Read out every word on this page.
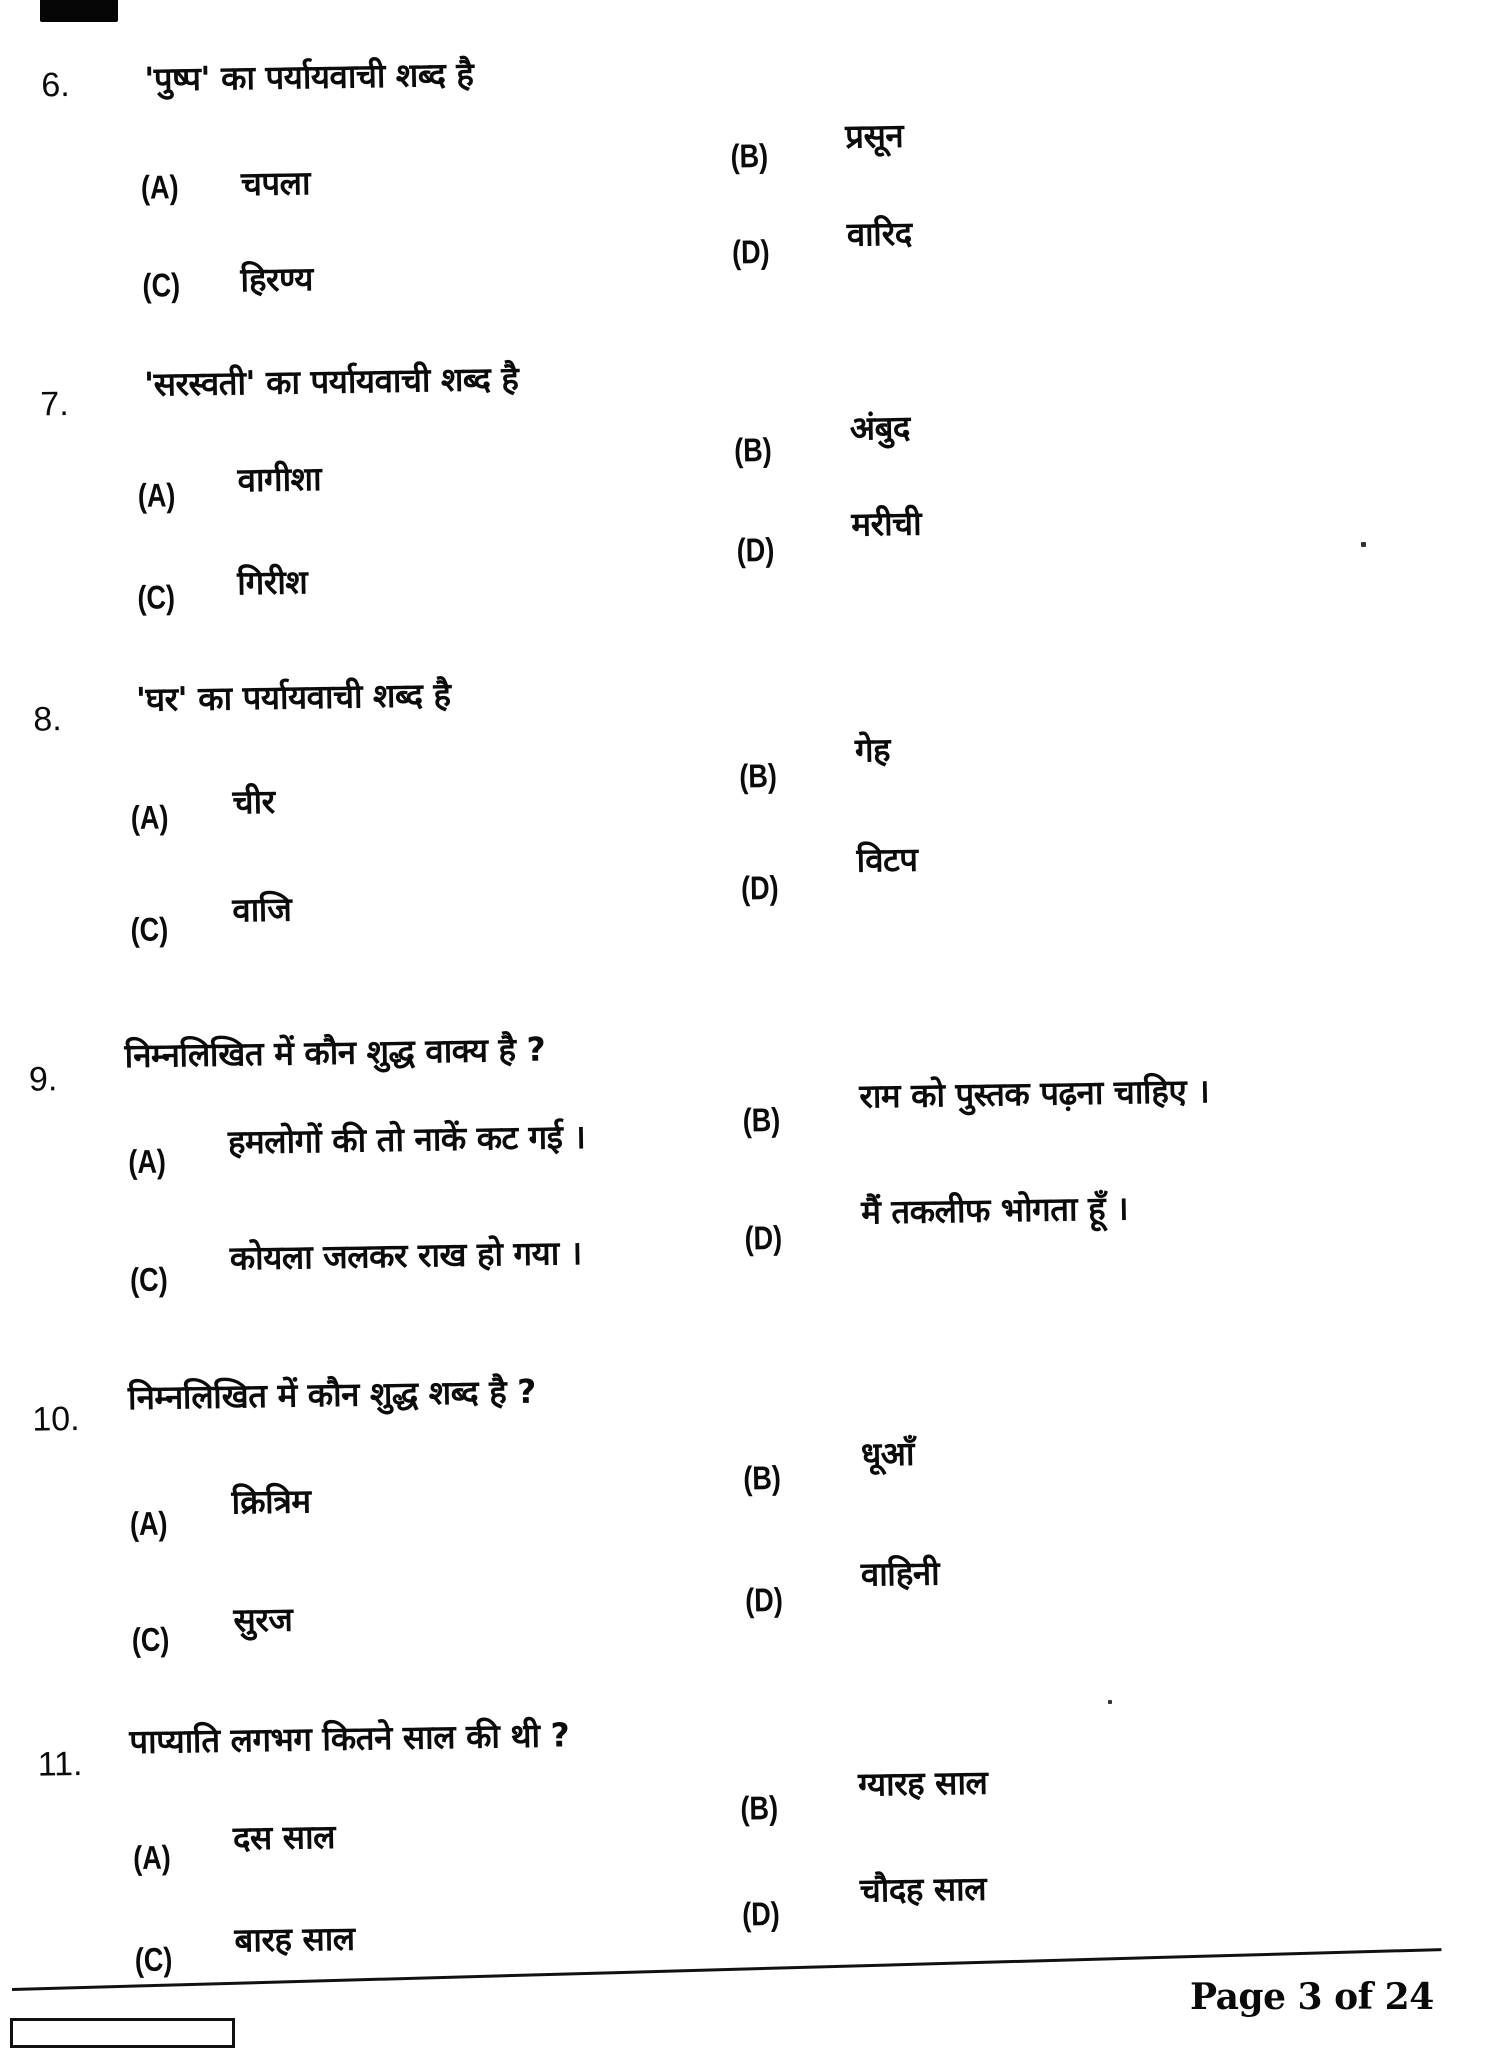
6. 'पुष्प' का पर्यायवाची शब्द है
(A) चपला
(B)
प्रसून
(C) हिरण्य
(D) वारिद
7.
'सरस्वती' का पर्यायवाची शब्द है
(A) वागीशा
(B)
अंबुद
(C) गिरीश
(D)
मरीची
8.
'घर' का पर्यायवाची शब्द है
(A) चीर
(B)
गेह
(C) वाजि
(D)
विटप
9.
निम्नलिखित में कौन शुद्ध वाक्य है ?
(A) हमलोगों की तो नाकें कट गई ।	(B)
राम को पुस्तक पढ़ना चाहिए ।
(C)
कोयला जलकर राख हो गया ।	(D)
मैं तकलीफ भोगता हूँ ।
10.
निम्नलिखित में कौन शुद्ध शब्द है ?
(A)
क्रित्रिम
(B)
धूआँ
(C) सुरज	(D)
वाहिनी
11.
पाप्याति लगभग कितने साल की थी ?
(A) दस साल
(B)
ग्यारह साल
(C) बारह साल
(D)
चौदह साल
Page 3 of 24
